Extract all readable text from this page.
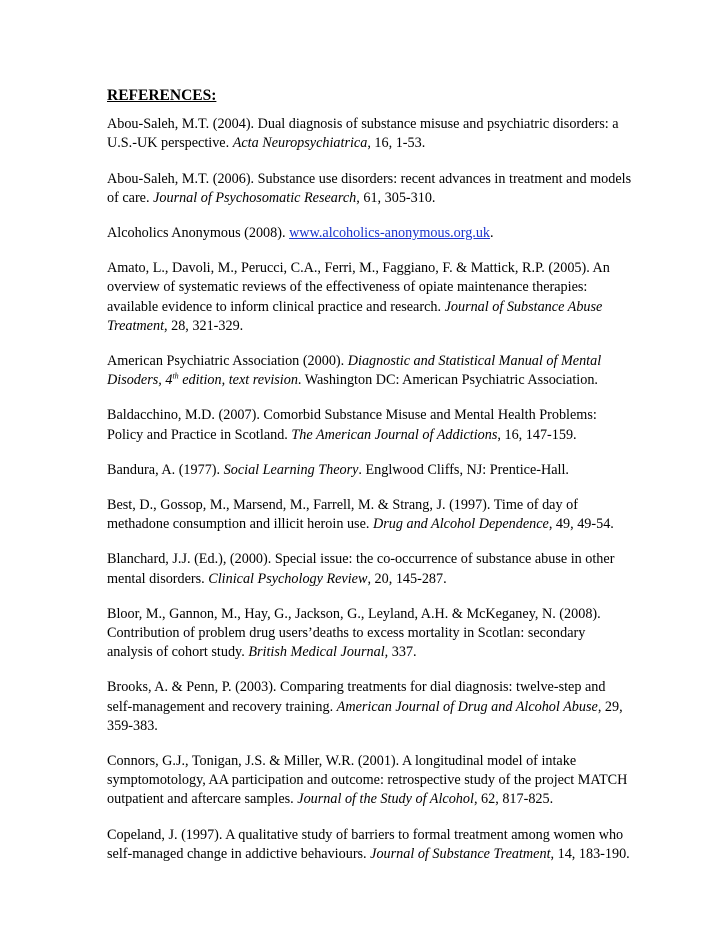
REFERENCES:

Abou-Saleh, M.T. (2004). Dual diagnosis of substance misuse and psychiatric disorders: a U.S.-UK perspective. Acta Neuropsychiatrica, 16, 1-53.

Abou-Saleh, M.T. (2006). Substance use disorders: recent advances in treatment and models of care. Journal of Psychosomatic Research, 61, 305-310.

Alcoholics Anonymous (2008). www.alcoholics-anonymous.org.uk.

Amato, L., Davoli, M., Perucci, C.A., Ferri, M., Faggiano, F. & Mattick, R.P. (2005). An overview of systematic reviews of the effectiveness of opiate maintenance therapies: available evidence to inform clinical practice and research. Journal of Substance Abuse Treatment, 28, 321-329.

American Psychiatric Association (2000). Diagnostic and Statistical Manual of Mental Disoders, 4th edition, text revision. Washington DC: American Psychiatric Association.

Baldacchino, M.D. (2007). Comorbid Substance Misuse and Mental Health Problems: Policy and Practice in Scotland. The American Journal of Addictions, 16, 147-159.

Bandura, A. (1977). Social Learning Theory. Englwood Cliffs, NJ: Prentice-Hall.

Best, D., Gossop, M., Marsend, M., Farrell, M. & Strang, J. (1997). Time of day of methadone consumption and illicit heroin use. Drug and Alcohol Dependence, 49, 49-54.

Blanchard, J.J. (Ed.), (2000). Special issue: the co-occurrence of substance abuse in other mental disorders. Clinical Psychology Review, 20, 145-287.

Bloor, M., Gannon, M., Hay, G., Jackson, G., Leyland, A.H. & McKeganey, N. (2008). Contribution of problem drug users’deaths to excess mortality in Scotlan: secondary analysis of cohort study. British Medical Journal, 337.

Brooks, A. & Penn, P. (2003). Comparing treatments for dial diagnosis: twelve-step and self-management and recovery training. American Journal of Drug and Alcohol Abuse, 29, 359-383.

Connors, G.J., Tonigan, J.S. & Miller, W.R. (2001). A longitudinal model of intake symptomotology, AA participation and outcome: retrospective study of the project MATCH outpatient and aftercare samples. Journal of the Study of Alcohol, 62, 817-825.

Copeland, J. (1997). A qualitative study of barriers to formal treatment among women who self-managed change in addictive behaviours. Journal of Substance Treatment, 14, 183-190.
